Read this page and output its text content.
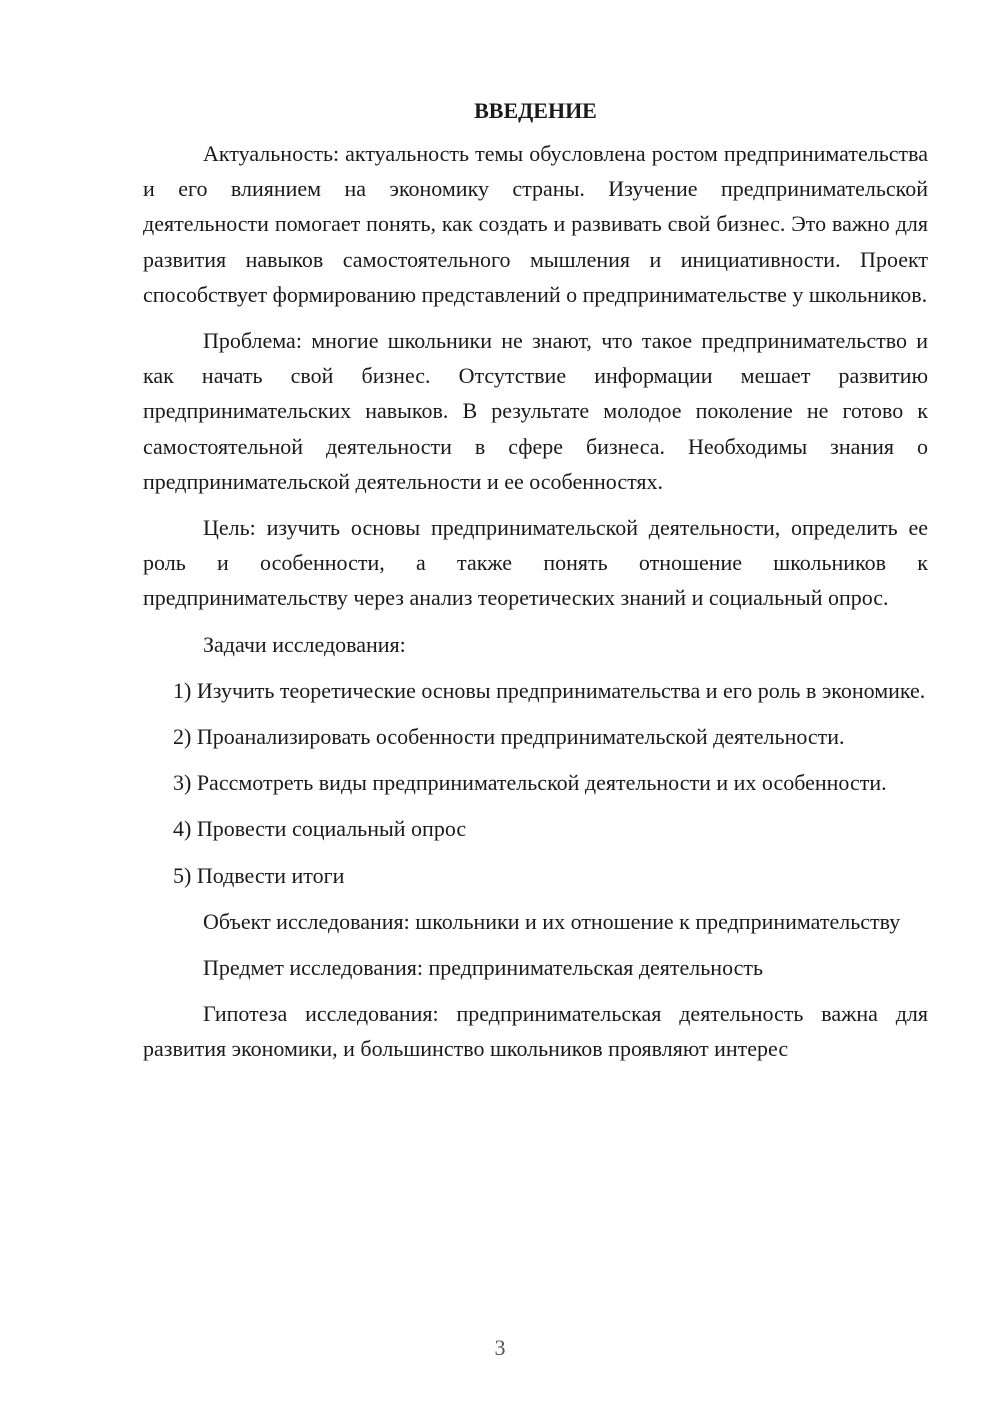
ВВЕДЕНИЕ

Актуальность: актуальность темы обусловлена ростом предпринимательства и его влиянием на экономику страны. Изучение предпринимательской деятельности помогает понять, как создать и развивать свой бизнес. Это важно для развития навыков самостоятельного мышления и инициативности. Проект способствует формированию представлений о предпринимательстве у школьников.

Проблема: многие школьники не знают, что такое предпринимательство и как начать свой бизнес. Отсутствие информации мешает развитию предпринимательских навыков. В результате молодое поколение не готово к самостоятельной деятельности в сфере бизнеса. Необходимы знания о предпринимательской деятельности и ее особенностях.

Цель: изучить основы предпринимательской деятельности, определить ее роль и особенности, а также понять отношение школьников к предпринимательству через анализ теоретических знаний и социальный опрос.

Задачи исследования:

1) Изучить теоретические основы предпринимательства и его роль в экономике.

2) Проанализировать особенности предпринимательской деятельности.

3) Рассмотреть виды предпринимательской деятельности и их особенности.

4) Провести социальный опрос

5) Подвести итоги

Объект исследования: школьники и их отношение к предпринимательству

Предмет исследования: предпринимательская деятельность

Гипотеза исследования: предпринимательская деятельность важна для развития экономики, и большинство школьников проявляют интерес

3
